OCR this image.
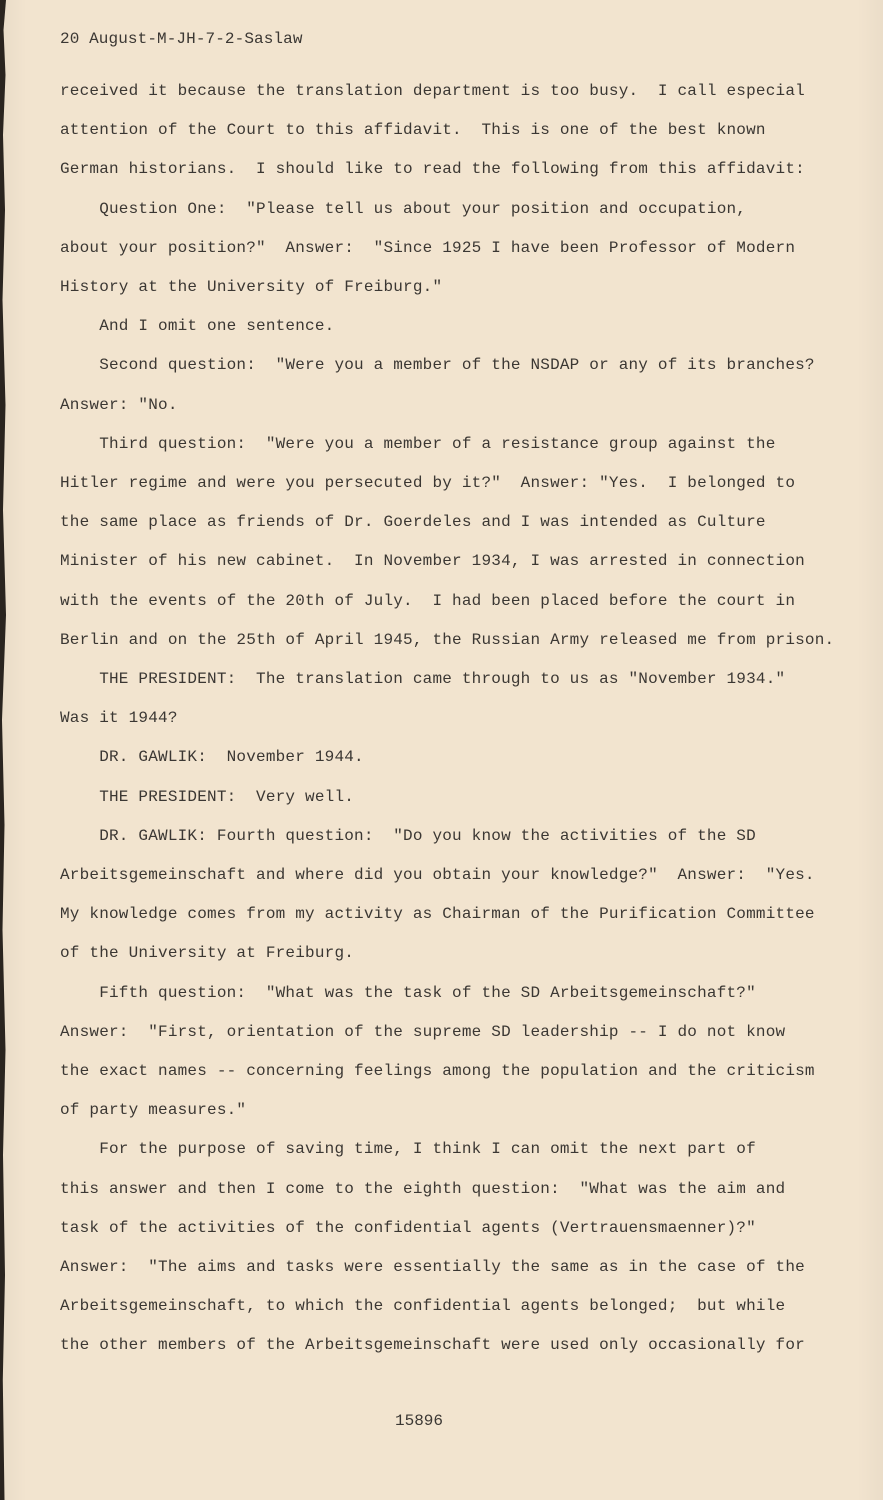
20 August-M-JH-7-2-Saslaw
received it because the translation department is too busy.  I call especial
attention of the Court to this affidavit.  This is one of the best known
German historians.  I should like to read the following from this affidavit:
Question One:  "Please tell us about your position and occupation,
about your position?"  Answer:  "Since 1925 I have been Professor of Modern
History at the University of Freiburg."
And I omit one sentence.
Second question:  "Were you a member of the NSDAP or any of its branches?
Answer: "No.
Third question:  "Were you a member of a resistance group against the
Hitler regime and were you persecuted by it?"  Answer: "Yes.  I belonged to
the same place as friends of Dr. Goerdeles and I was intended as Culture
Minister of his new cabinet.  In November 1934, I was arrested in connection
with the events of the 20th of July.  I had been placed before the court in
Berlin and on the 25th of April 1945, the Russian Army released me from prison.
THE PRESIDENT:  The translation came through to us as "November 1934."
Was it 1944?
DR. GAWLIK:  November 1944.
THE PRESIDENT:  Very well.
DR. GAWLIK: Fourth question:  "Do you know the activities of the SD
Arbeitsgemeinschaft and where did you obtain your knowledge?"  Answer:  "Yes.
My knowledge comes from my activity as Chairman of the Purification Committee
of the University at Freiburg.
Fifth question:  "What was the task of the SD Arbeitsgemeinschaft?"
Answer:  "First, orientation of the supreme SD leadership -- I do not know
the exact names -- concerning feelings among the population and the criticism
of party measures."
For the purpose of saving time, I think I can omit the next part of
this answer and then I come to the eighth question:  "What was the aim and
task of the activities of the confidential agents (Vertrauensmaenner)?"
Answer:  "The aims and tasks were essentially the same as in the case of the
Arbeitsgemeinschaft, to which the confidential agents belonged;  but while
the other members of the Arbeitsgemeinschaft were used only occasionally for
15896
